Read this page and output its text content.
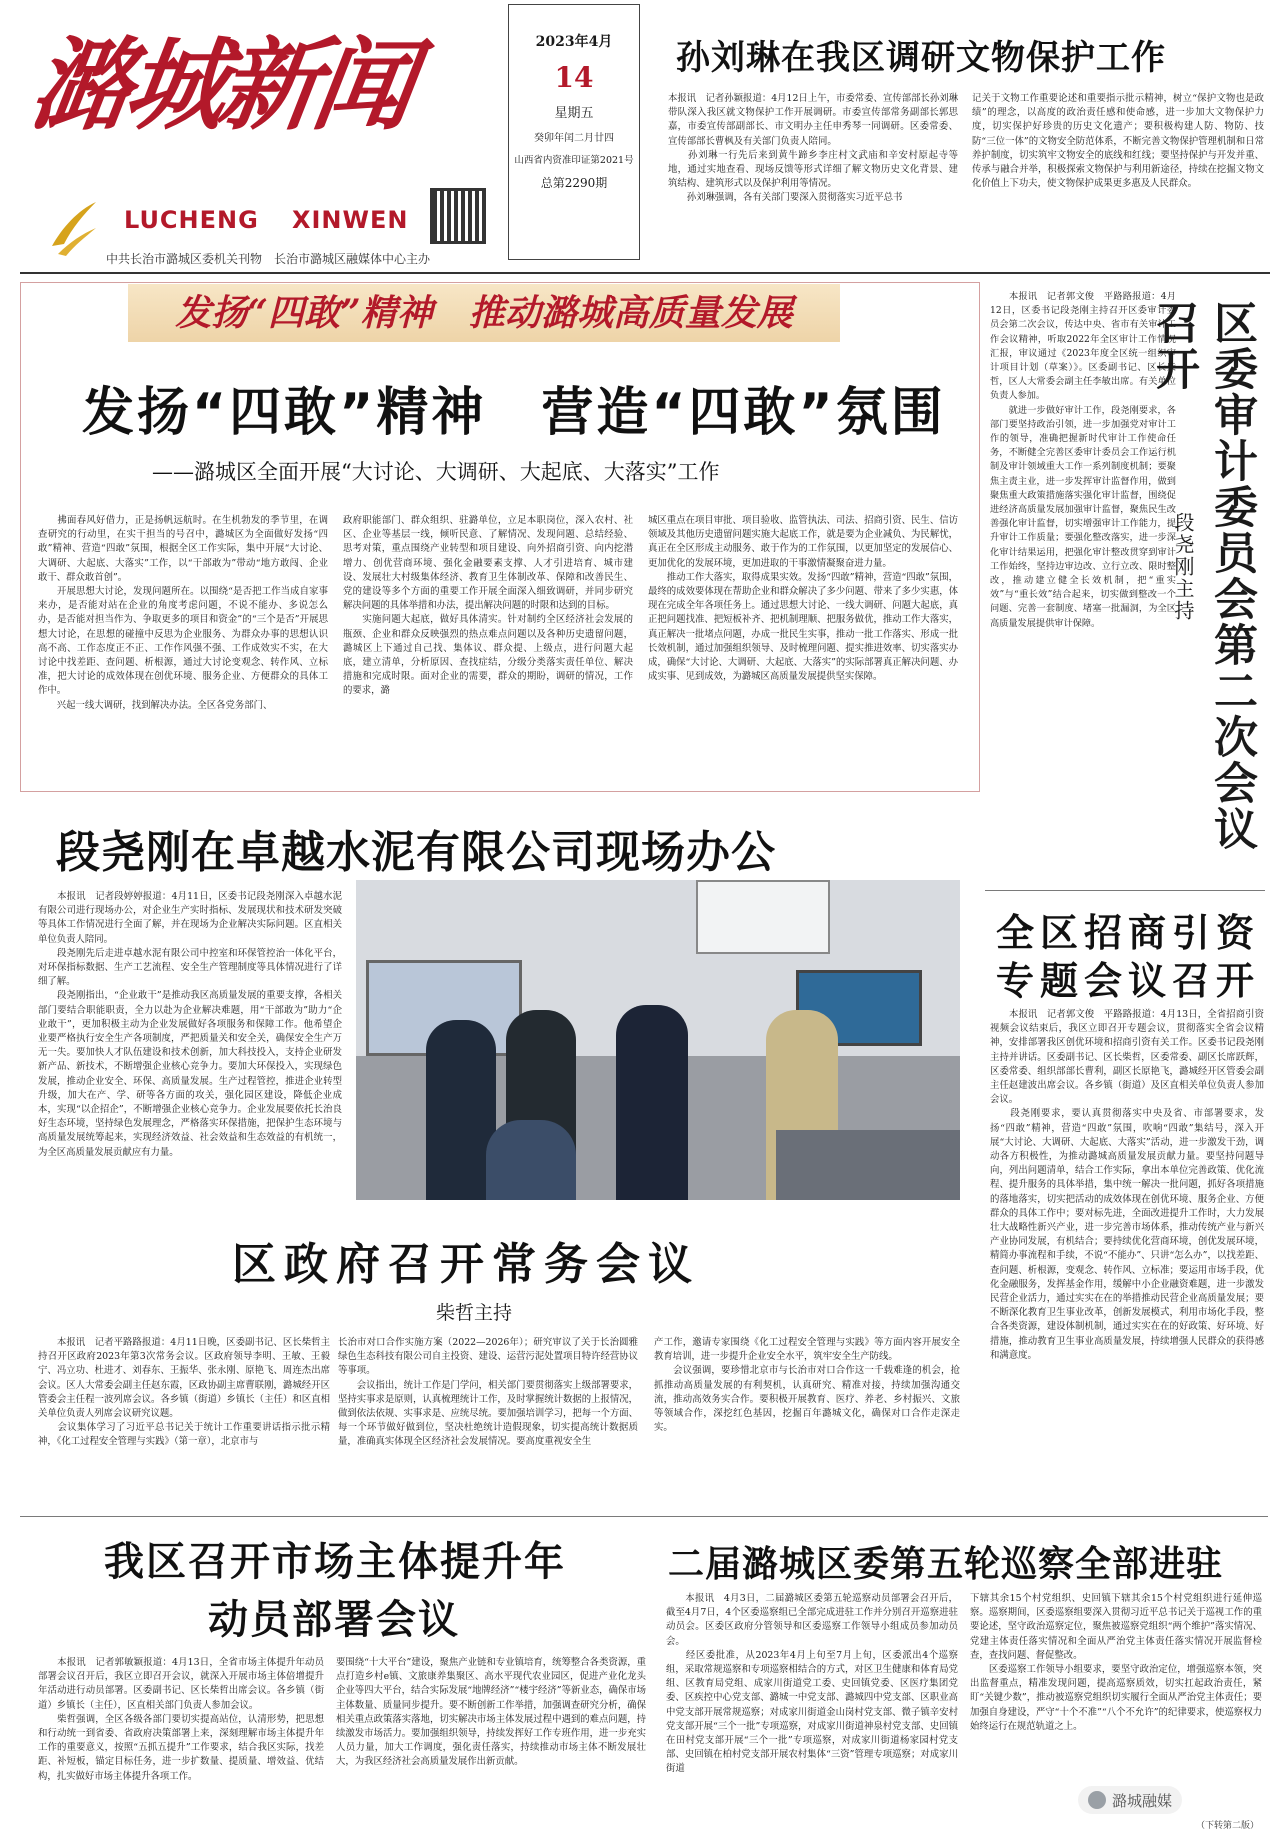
潞城新闻
LUCHENG XINWEN
中共长治市潞城区委机关刊物　长治市潞城区融媒体中心主办
2023年4月
14
星期五
癸卯年闰二月廿四
山西省内资准印证第2021号
总第2290期
孙刘琳在我区调研文物保护工作
本报讯　记者孙颖报道：4月12日上午，市委常委、宣传部部长孙刘琳带队深入我区就文物保护工作开展调研。市委宣传部常务副部长郭思嘉，市委宣传部副部长、市文明办主任申秀琴一同调研。区委常委、宣传部部长曹枫及有关部门负责人陪同。
　　孙刘琳一行先后来到黄牛蹄乡李庄村文武庙和辛安村原起寺等地，通过实地查看、现场反馈等形式详细了解文物历史文化背景、建筑结构、建筑形式以及保护利用等情况。
　　孙刘琳强调，各有关部门要深入贯彻落实习近平总书
记关于文物工作重要论述和重要指示批示精神，树立“保护文物也是政绩”的理念，以高度的政治责任感和使命感，进一步加大文物保护力度，切实保护好珍贵的历史文化遗产；要积极构建人防、物防、技防“三位一体”的文物安全防范体系，不断完善文物保护管理机制和日常养护制度，切实筑牢文物安全的底线和红线；要坚持保护与开发并重、传承与融合并举，积极探索文物保护与利用新途径，持续在挖掘文物文化价值上下功夫，使文物保护成果更多惠及人民群众。
发扬“四敢”精神　推动潞城高质量发展
发扬“四敢”精神　营造“四敢”氛围
——潞城区全面开展“大讨论、大调研、大起底、大落实”工作
　　拂面春风好借力，正是扬帆远航时。在生机勃发的季节里，在调查研究的行动里，在实干担当的号召中，潞城区为全面做好发扬“四敢”精神、营造“四敢”氛围，根据全区工作实际，集中开展“大讨论、大调研、大起底、大落实”工作，以“干部敢为”带动“地方敢闯、企业敢干、群众敢首创”。
　　开展思想大讨论，发现问题所在。以围绕“是否把工作当成自家事来办，是否能对站在企业的角度考虑问题，不说不能办、多说怎么办，是否能对担当作为、争取更多的项目和资金”的“三个是否”开展思想大讨论，在思想的碰撞中反思为企业服务、为群众办事的思想认识高不高、工作态度正不正、工作作风强不强、工作成效实不实，在大讨论中找差距、查问题、析根源，通过大讨论变观念、转作风、立标准，把大讨论的成效体现在创优环境、服务企业、方便群众的具体工作中。
　　兴起一线大调研，找到解决办法。全区各党务部门、
政府职能部门、群众组织、驻潞单位，立足本职岗位，深入农村、社区、企业等基层一线，倾听民意、了解情况、发现问题、总结经验、思考对策，重点围绕产业转型和项目建设、向外招商引资、向内挖潜增力、创优营商环境、强化金融要素支撑、人才引进培育、城市建设、发展壮大村级集体经济、教育卫生体制改革、保障和改善民生、党的建设等多个方面的重要工作开展全面深入细致调研，并同步研究解决问题的具体举措和办法，提出解决问题的时限和达到的目标。
　　实施问题大起底，做好具体清实。针对制约全区经济社会发展的瓶颈、企业和群众反映强烈的热点难点问题以及各种历史遗留问题，潞城区上下通过自己找、集体议、群众提、上级点，进行问题大起底，建立清单，分析原因、查找症结，分级分类落实责任单位、解决措施和完成时限。面对企业的需要，群众的期盼，调研的情况，工作的要求，潞
城区重点在项目审批、项目验收、监管执法、司法、招商引资、民生、信访领域及其他历史遗留问题实施大起底工作，就是要为企业减负、为民解忧，真正在全区形成主动服务、敢于作为的工作氛围，以更加坚定的发展信心、更加优化的发展环境，更加进取的干事激情凝聚奋进力量。
　　推动工作大落实，取得成果实效。发扬“四敢”精神，营造“四敢”氛围，最终的成效要体现在帮助企业和群众解决了多少问题、带来了多少实惠，体现在完成全年各项任务上。通过思想大讨论、一线大调研、问题大起底，真正把问题找准、把短板补齐、把机制理顺、把服务做优，推动工作大落实，真正解决一批堵点问题，办成一批民生实事，推动一批工作落实、形成一批长效机制，通过加强组织领导、及时梳理问题、提实推进效率、切实落实办成，确保“大讨论、大调研、大起底、大落实”的实际部署真正解决问题、办成实事、见到成效，为潞城区高质量发展提供坚实保障。
　　本报讯　记者郭文俊　平路路报道：4月12日，区委书记段尧刚主持召开区委审计委员会第二次会议，传达中央、省市有关审计工作会议精神，听取2022年全区审计工作情况汇报，审议通过《2023年度全区统一组织审计项目计划（草案）》。区委副书记、区长柴哲，区人大常委会副主任李敏出席。有关单位负责人参加。
　　就进一步做好审计工作，段尧刚要求，各部门要坚持政治引领，进一步加强党对审计工作的领导，准确把握新时代审计工作使命任务，不断健全完善区委审计委员会工作运行机制及审计领域重大工作一系列制度机制；要聚焦主责主业，进一步发挥审计监督作用，做到聚焦重大政策措施落实强化审计监督，围绕促进经济高质量发展加强审计监督，聚焦民生改善强化审计监督，切实增强审计工作能力，提升审计工作质量；要强化整改落实，进一步深化审计结果运用，把强化审计整改贯穿到审计工作始终，坚持边审边改、立行立改、限时整改，推动建立健全长效机制，把“重实效”与“重长效”结合起来，切实做到整改一个问题、完善一套制度、堵塞一批漏洞，为全区高质量发展提供审计保障。	区委审计委员会第二次会议召开
段尧刚主持
全区招商引资
专题会议召开
　　本报讯　记者郭文俊　平路路报道：4月13日，全省招商引资视频会议结束后，我区立即召开专题会议，贯彻落实全省会议精神，安排部署我区创优环境和招商引资有关工作。区委书记段尧刚主持并讲话。区委副书记、区长柴哲，区委常委、副区长席跃辉，区委常委、组织部部长曹利，副区长原艳飞，潞城经开区管委会副主任赵建波出席会议。各乡镇（街道）及区直相关单位负责人参加会议。
　　段尧刚要求，要认真贯彻落实中央及省、市部署要求，发扬“四敢”精神，营造“四敢”氛围，吹响“四敢”集结号，深入开展“大讨论、大调研、大起底、大落实”活动，进一步激发干劲，调动各方积极性，为推动潞城高质量发展贡献力量。要坚持问题导向，列出问题清单，结合工作实际，拿出本单位完善政策、优化流程、提升服务的具体举措，集中统一解决一批问题，抓好各项措施的落地落实，切实把活动的成效体现在创优环境、服务企业、方便群众的具体工作中；要对标先进，全面改进提升工作时，大力发展壮大战略性新兴产业，进一步完善市场体系，推动传统产业与新兴产业协同发展，有机结合；要持续优化营商环境，创优发展环境，精简办事流程和手续，不说“不能办”、只讲“怎么办”，以找差距、查问题、析根源，变观念、转作风、立标准；要运用市场手段，优化金融服务，发挥基金作用，缓解中小企业融资难题，进一步激发民营企业活力，通过实实在在的举措推动民营企业高质量发展；要不断深化教育卫生事业改革，创新发展模式，利用市场化手段，整合各类资源，建设体制机制，通过实实在在的好政策、好环境、好措施，推动教育卫生事业高质量发展，持续增强人民群众的获得感和满意度。
段尧刚在卓越水泥有限公司现场办公
　　本报讯　记者段婷婷报道：4月11日，区委书记段尧刚深入卓越水泥有限公司进行现场办公，对企业生产实时指标、发展现状和技术研发突破等具体工作情况进行全面了解，并在现场为企业解决实际问题。区直相关单位负责人陪同。
　　段尧刚先后走进卓越水泥有限公司中控室和环保管控治一体化平台，对环保指标数据、生产工艺流程、安全生产管理制度等具体情况进行了详细了解。
　　段尧刚指出，“企业敢干”是推动我区高质量发展的重要支撑，各相关部门要结合职能职责，全力以赴为企业解决难题，用“干部敢为”助力“企业敢干”，更加积极主动为企业发展做好各项服务和保障工作。他希望企业要严格执行安全生产各项制度，严把质量关和安全关，确保安全生产万无一失。要加快人才队伍建设和技术创新，加大科技投入，支持企业研发新产品、新技术，不断增强企业核心竞争力。要加大环保投入，实现绿色发展，推动企业安全、环保、高质量发展。生产过程管控，推进企业转型升级，加大在产、学、研等各方面的攻关，强化园区建设，降低企业成本，实现“以企招企”，不断增强企业核心竞争力。企业发展要依托长治良好生态环境，坚持绿色发展理念，严格落实环保措施，把保护生态环境与高质量发展统筹起来，实现经济效益、社会效益和生态效益的有机统一，为全区高质量发展贡献应有力量。
区政府召开常务会议
柴哲主持
　　本报讯　记者平路路报道：4月11日晚，区委副书记、区长柴哲主持召开区政府2023年第3次常务会议。区政府领导李明、王敏、王毅宁、冯立功、杜进才、刘春东、王振华、张永刚、原艳飞、周连杰出席会议。区人大常委会副主任赵东霞，区政协副主席曹联刚，潞城经开区管委会主任程一波列席会议。各乡镇（街道）乡镇长（主任）和区直相关单位负责人列席会议研究议题。
　　会议集体学习了习近平总书记关于统计工作重要讲话指示批示精神，《化工过程安全管理与实践》（第一章），北京市与
长治市对口合作实施方案（2022—2026年）；研究审议了关于长治圆雅绿色生态科技有限公司自主投资、建设、运营污泥处置项目特许经营协议等事项。
　　会议指出，统计工作是门学问，相关部门要贯彻落实上级部署要求，坚持实事求是原则，认真梳理统计工作，及时掌握统计数据的上报情况，做到依法依规、实事求是、应统尽统。要加强培训学习，把每一个方面、每一个环节做好做到位，坚决杜绝统计造假现象，切实提高统计数据质量，准确真实体现全区经济社会发展情况。要高度重视安全生
产工作，邀请专家围绕《化工过程安全管理与实践》等方面内容开展安全教育培训，进一步提升企业安全水平，筑牢安全生产防线。
　　会议强调，要珍惜北京市与长治市对口合作这一千载难逢的机会，抢抓推动高质量发展的有利契机，认真研究、精准对接，持续加强沟通交流，推动高效务实合作。要积极开展教育、医疗、养老、乡村振兴、文旅等领域合作，深挖红色基因，挖掘百年潞城文化，确保对口合作走深走实。
我区召开市场主体提升年
动员部署会议
　　本报讯　记者郭敏颖报道：4月13日，全省市场主体提升年动员部署会议召开后，我区立即召开会议，就深入开展市场主体倍增提升年活动进行动员部署。区委副书记、区长柴哲出席会议。各乡镇（街道）乡镇长（主任），区直相关部门负责人参加会议。
　　柴哲强调，全区各级各部门要切实提高站位，认清形势，把思想和行动统一到省委、省政府决策部署上来，深刻理解市场主体提升年工作的重要意义，按照“五抓五提升”工作要求，结合我区实际，找差距、补短板，锚定目标任务，进一步扩数量、提质量、增效益、优结构，扎实做好市场主体提升各项工作。
要围绕“十大平台”建设，聚焦产业链和专业镇培育，统筹整合各类资源，重点打造乡村e镇、文旅康养集聚区、高水平现代农业园区，促进产业化龙头企业等四大平台，结合实际发展“地牌经济”“楼宇经济”等新业态，确保市场主体数量、质量同步提升。要不断创新工作举措，加强调查研究分析，确保相关重点政策落实落地，切实解决市场主体发展过程中遇到的难点问题，持续激发市场活力。要加强组织领导，持续发挥好工作专班作用，进一步充实人员力量，加大工作调度，强化责任落实，持续推动市场主体不断发展壮大，为我区经济社会高质量发展作出新贡献。
二届潞城区委第五轮巡察全部进驻
　　本报讯　4月3日，二届潞城区委第五轮巡察动员部署会召开后，截至4月7日，4个区委巡察组已全部完成进驻工作并分别召开巡察进驻动员会。区委区政府分管领导和区委巡察工作领导小组成员参加动员会。
　　经区委批准，从2023年4月上旬至7月上旬，区委派出4个巡察组，采取常规巡察和专项巡察相结合的方式，对区卫生健康和体育局党组、区教育局党组、成家川街道党工委、史回镇党委、区医疗集团党委、区疾控中心党支部、潞城一中党支部、潞城四中党支部、区职业高中党支部开展常规巡察；对成家川街道金山岗村党支部、微子镇辛安村党支部开展“三个一批”专项巡察，对成家川街道神泉村党支部、史回镇在田村党支部开展“三个一批”专项巡察，对成家川街道杨家园村党支部、史回镇在柏村党支部开展农村集体“三资”管理专项巡察；对成家川街道
下辖其余15个村党组织、史回镇下辖其余15个村党组织进行延伸巡察。巡察期间，区委巡察组要深入贯彻习近平总书记关于巡视工作的重要论述，坚守政治巡察定位，聚焦被巡察党组织“两个维护”落实情况、党建主体责任落实情况和全面从严治党主体责任落实情况开展监督检查，查找问题、督促整改。
　　区委巡察工作领导小组要求，要坚守政治定位，增强巡察本领，突出监督重点，精准发现问题，提高巡察质效，切实扛起政治责任，紧盯“关键少数”，推动被巡察党组织切实履行全面从严治党主体责任；要加强自身建设，严守“十个不准”“八个不允许”的纪律要求，使巡察权力始终运行在规范轨道之上。
（下转第二版）
潞城融媒
